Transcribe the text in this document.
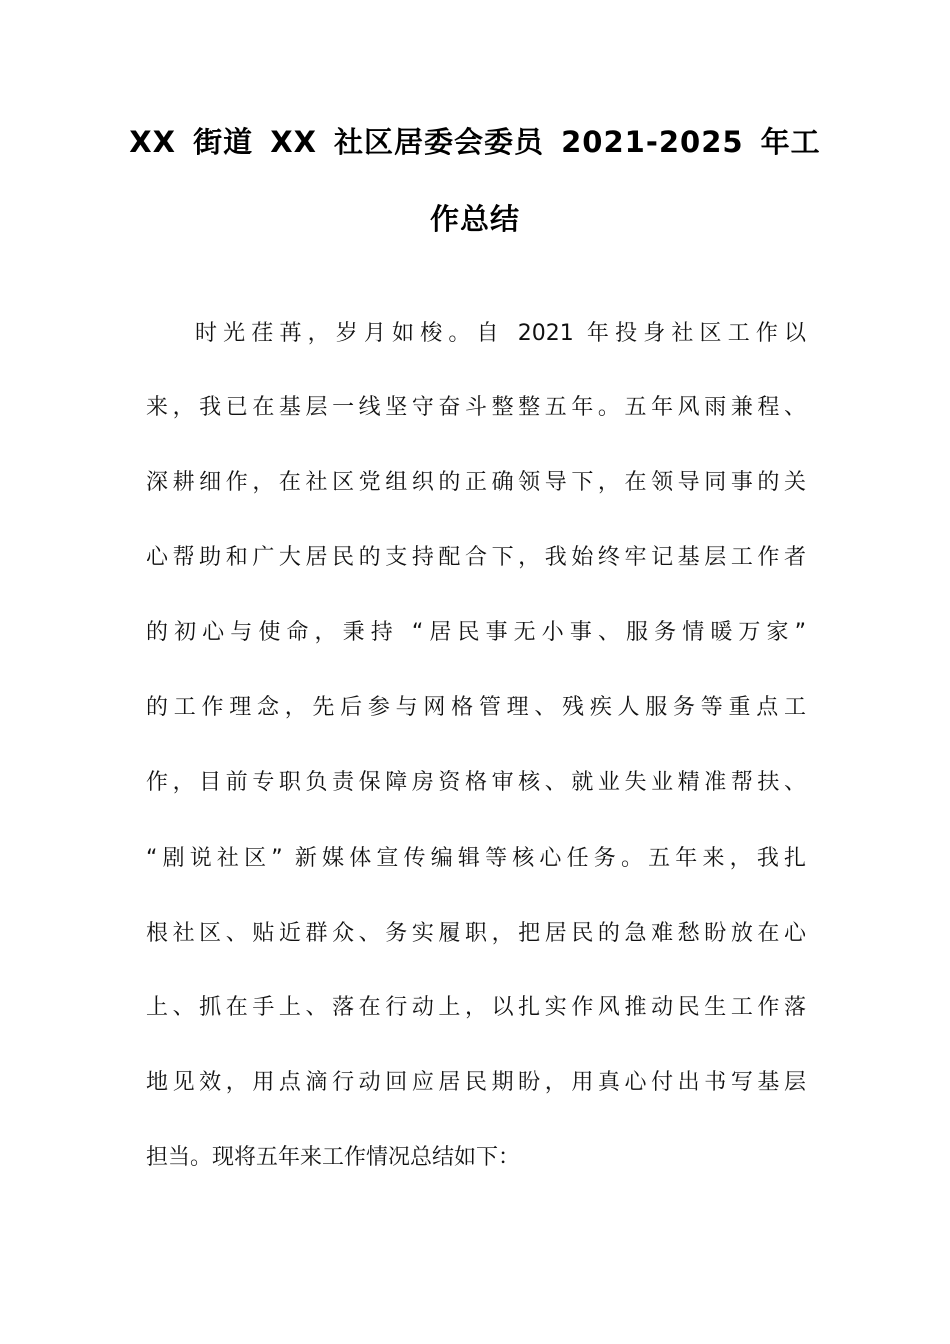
XX 街道 XX 社区居委会委员 2021-2025 年工
作总结
时光荏苒，岁月如梭。自 2021 年投身社区工作以
来，我已在基层一线坚守奋斗整整五年。五年风雨兼程、
深耕细作，在社区党组织的正确领导下，在领导同事的关
心帮助和广大居民的支持配合下，我始终牢记基层工作者
的初心与使命，秉持 “居民事无小事、服务情暖万家”
的工作理念，先后参与网格管理、残疾人服务等重点工
作，目前专职负责保障房资格审核、就业失业精准帮扶、
“剧说社区” 新媒体宣传编辑等核心任务。五年来，我扎
根社区、贴近群众、务实履职，把居民的急难愁盼放在心
上、抓在手上、落在行动上，以扎实作风推动民生工作落
地见效，用点滴行动回应居民期盼，用真心付出书写基层
担当。现将五年来工作情况总结如下：
